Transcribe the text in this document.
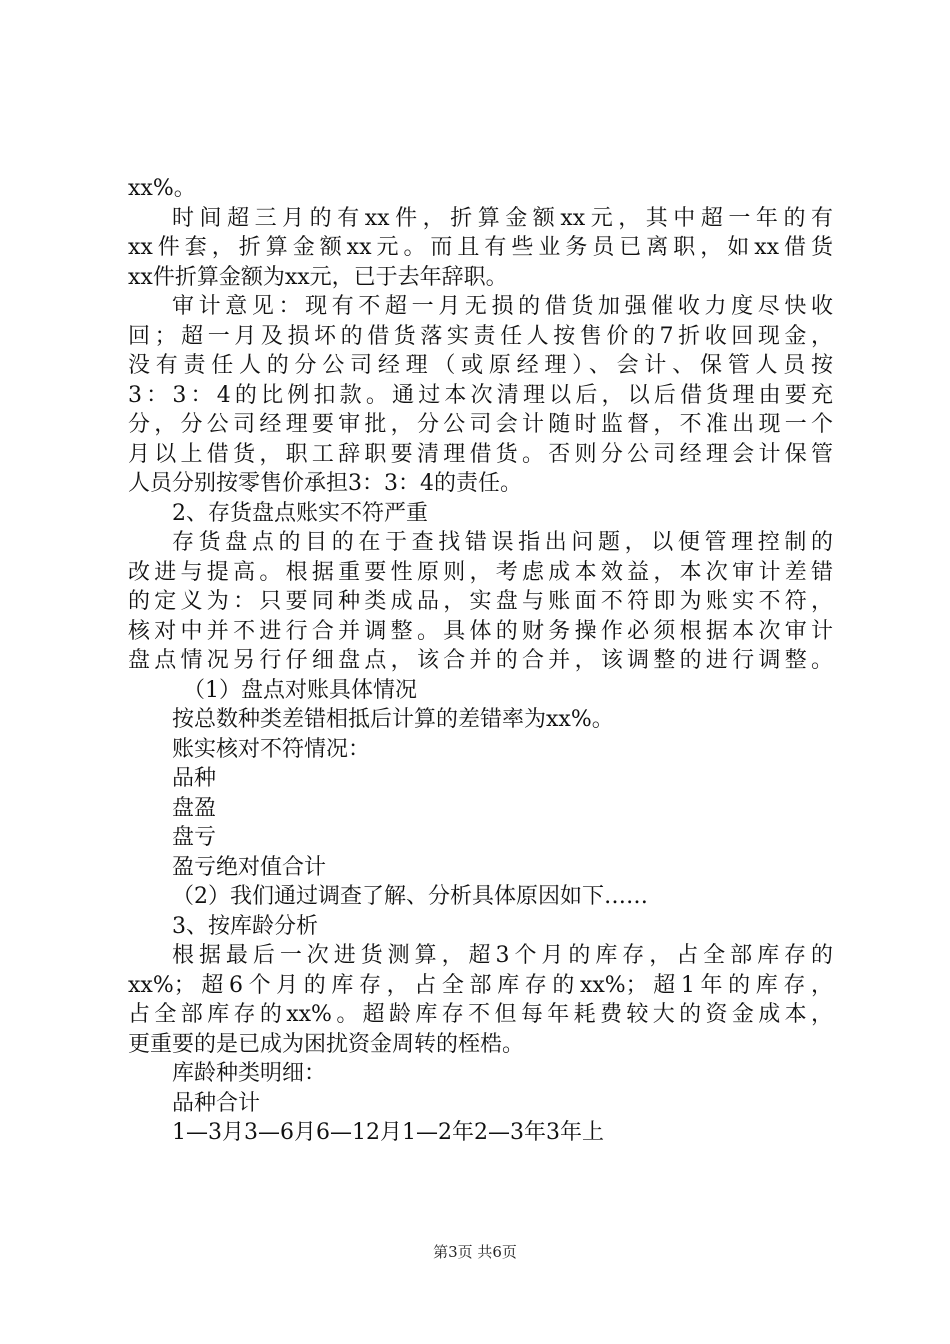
xx%。
时间超三月的有xx件，折算金额xx元，其中超一年的有
xx件套，折算金额xx元。而且有些业务员已离职，如xx借货
xx件折算金额为xx元，已于去年辞职。
审计意见：现有不超一月无损的借货加强催收力度尽快收
回；超一月及损坏的借货落实责任人按售价的7折收回现金，
没有责任人的分公司经理（或原经理）、会计、保管人员按
3：3：4的比例扣款。通过本次清理以后，以后借货理由要充
分，分公司经理要审批，分公司会计随时监督，不准出现一个
月以上借货，职工辞职要清理借货。否则分公司经理会计保管
人员分别按零售价承担3：3：4的责任。
2、存货盘点账实不符严重
存货盘点的目的在于查找错误指出问题，以便管理控制的
改进与提高。根据重要性原则，考虑成本效益，本次审计差错
的定义为：只要同种类成品，实盘与账面不符即为账实不符，
核对中并不进行合并调整。具体的财务操作必须根据本次审计
盘点情况另行仔细盘点，该合并的合并，该调整的进行调整。
（1）盘点对账具体情况
按总数种类差错相抵后计算的差错率为xx%。
账实核对不符情况：
品种
盘盈
盘亏
盈亏绝对值合计
（2）我们通过调查了解、分析具体原因如下……
3、按库龄分析
根据最后一次进货测算，超3个月的库存，占全部库存的
xx%；超6个月的库存，占全部库存的xx%；超1年的库存，
占全部库存的xx%。超龄库存不但每年耗费较大的资金成本，
更重要的是已成为困扰资金周转的桎梏。
库龄种类明细：
品种合计
1—3月3—6月6—12月1—2年2—3年3年上
第3页 共6页
